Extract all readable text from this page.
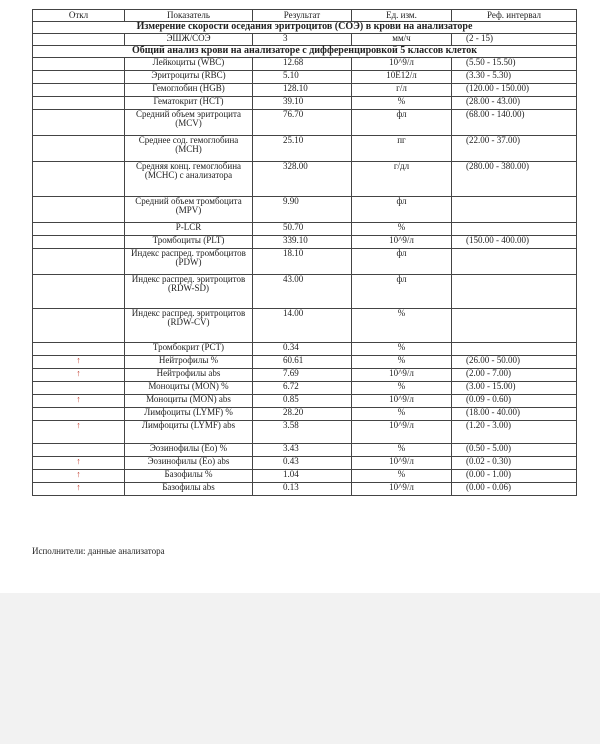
Откл	Показатель	Результат	Ед. изм.	Реф. интервал
Измерение скорости оседания эритроцитов (СОЭ) в крови на анализаторе				
	ЭШЖ/СОЭ	3	мм/ч	(2 - 15)
Общий анализ крови на анализаторе с дифференцировкой 5 классов клеток				
	Лейкоциты (WBC)	12.68	10^9/л	(5.50 - 15.50)
	Эритроциты (RBC)	5.10	10E12/л	(3.30 - 5.30)
	Гемоглобин (HGB)	128.10	г/л	(120.00 - 150.00)
	Гематокрит (HCT)	39.10	%	(28.00 - 43.00)
	Средний объем эритроцита (MCV)	76.70	фл	(68.00 - 140.00)
	Среднее сод. гемоглобина (MCH)	25.10	пг	(22.00 - 37.00)
	Средняя конц. гемоглобина (MCHC) с анализатора	328.00	г/дл	(280.00 - 380.00)
	Средний объем тромбоцита (MPV)	9.90	фл	
	P-LCR	50.70	%	
	Тромбоциты (PLT)	339.10	10^9/л	(150.00 - 400.00)
	Индекс распред. тромбоцитов (PDW)	18.10	фл	
	Индекс распред. эритроцитов (RDW-SD)	43.00	фл	
	Индекс распред. эритроцитов (RDW-CV)	14.00	%	
	Тромбокрит (PCT)	0.34	%	
↑	Нейтрофилы %	60.61	%	(26.00 - 50.00)
↑	Нейтрофилы abs	7.69	10^9/л	(2.00 - 7.00)
	Моноциты (MON) %	6.72	%	(3.00 - 15.00)
↑	Моноциты (MON) abs	0.85	10^9/л	(0.09 - 0.60)
	Лимфоциты (LYMF) %	28.20	%	(18.00 - 40.00)
↑	Лимфоциты (LYMF) abs	3.58	10^9/л	(1.20 - 3.00)
	Эозинофилы (Eo) %	3.43	%	(0.50 - 5.00)
↑	Эозинофилы (Eo) abs	0.43	10^9/л	(0.02 - 0.30)
↑	Базофилы %	1.04	%	(0.00 - 1.00)
↑	Базофилы abs	0.13	10^9/л	(0.00 - 0.06)
Исполнители: данные анализатора
